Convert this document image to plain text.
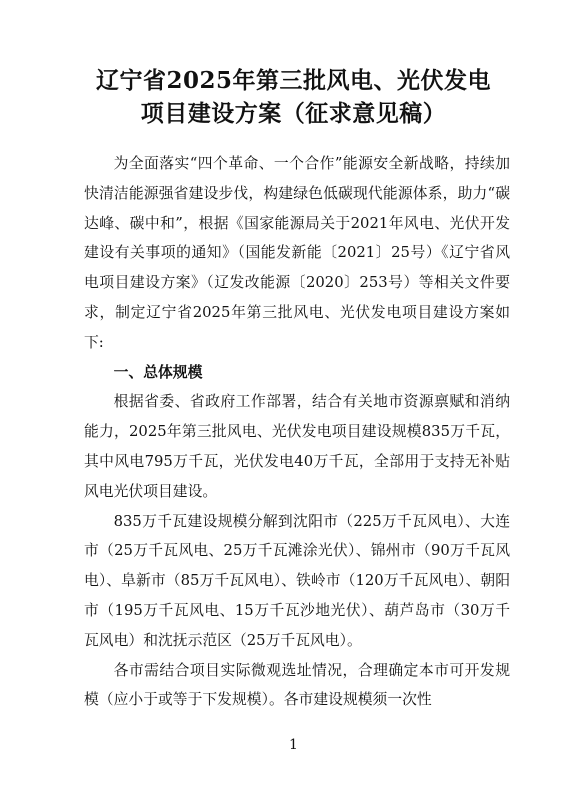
辽宁省2025年第三批风电、光伏发电
项目建设方案（征求意见稿）

为全面落实“四个革命、一个合作”能源安全新战略，持续加快清洁能源强省建设步伐，构建绿色低碳现代能源体系，助力“碳达峰、碳中和”，根据《国家能源局关于2021年风电、光伏开发建设有关事项的通知》（国能发新能〔2021〕25号）《辽宁省风电项目建设方案》（辽发改能源〔2020〕253号）等相关文件要求，制定辽宁省2025年第三批风电、光伏发电项目建设方案如下:

一、总体规模

根据省委、省政府工作部署，结合有关地市资源禀赋和消纳能力，2025年第三批风电、光伏发电项目建设规模835万千瓦，其中风电795万千瓦，光伏发电40万千瓦，全部用于支持无补贴风电光伏项目建设。

835万千瓦建设规模分解到沈阳市（225万千瓦风电）、大连市（25万千瓦风电、25万千瓦滩涂光伏）、锦州市（90万千瓦风电）、阜新市（85万千瓦风电）、铁岭市（120万千瓦风电）、朝阳市（195万千瓦风电、15万千瓦沙地光伏）、葫芦岛市（30万千瓦风电）和沈抚示范区（25万千瓦风电）。

各市需结合项目实际微观选址情况，合理确定本市可开发规模（应小于或等于下发规模）。各市建设规模须一次性

1
